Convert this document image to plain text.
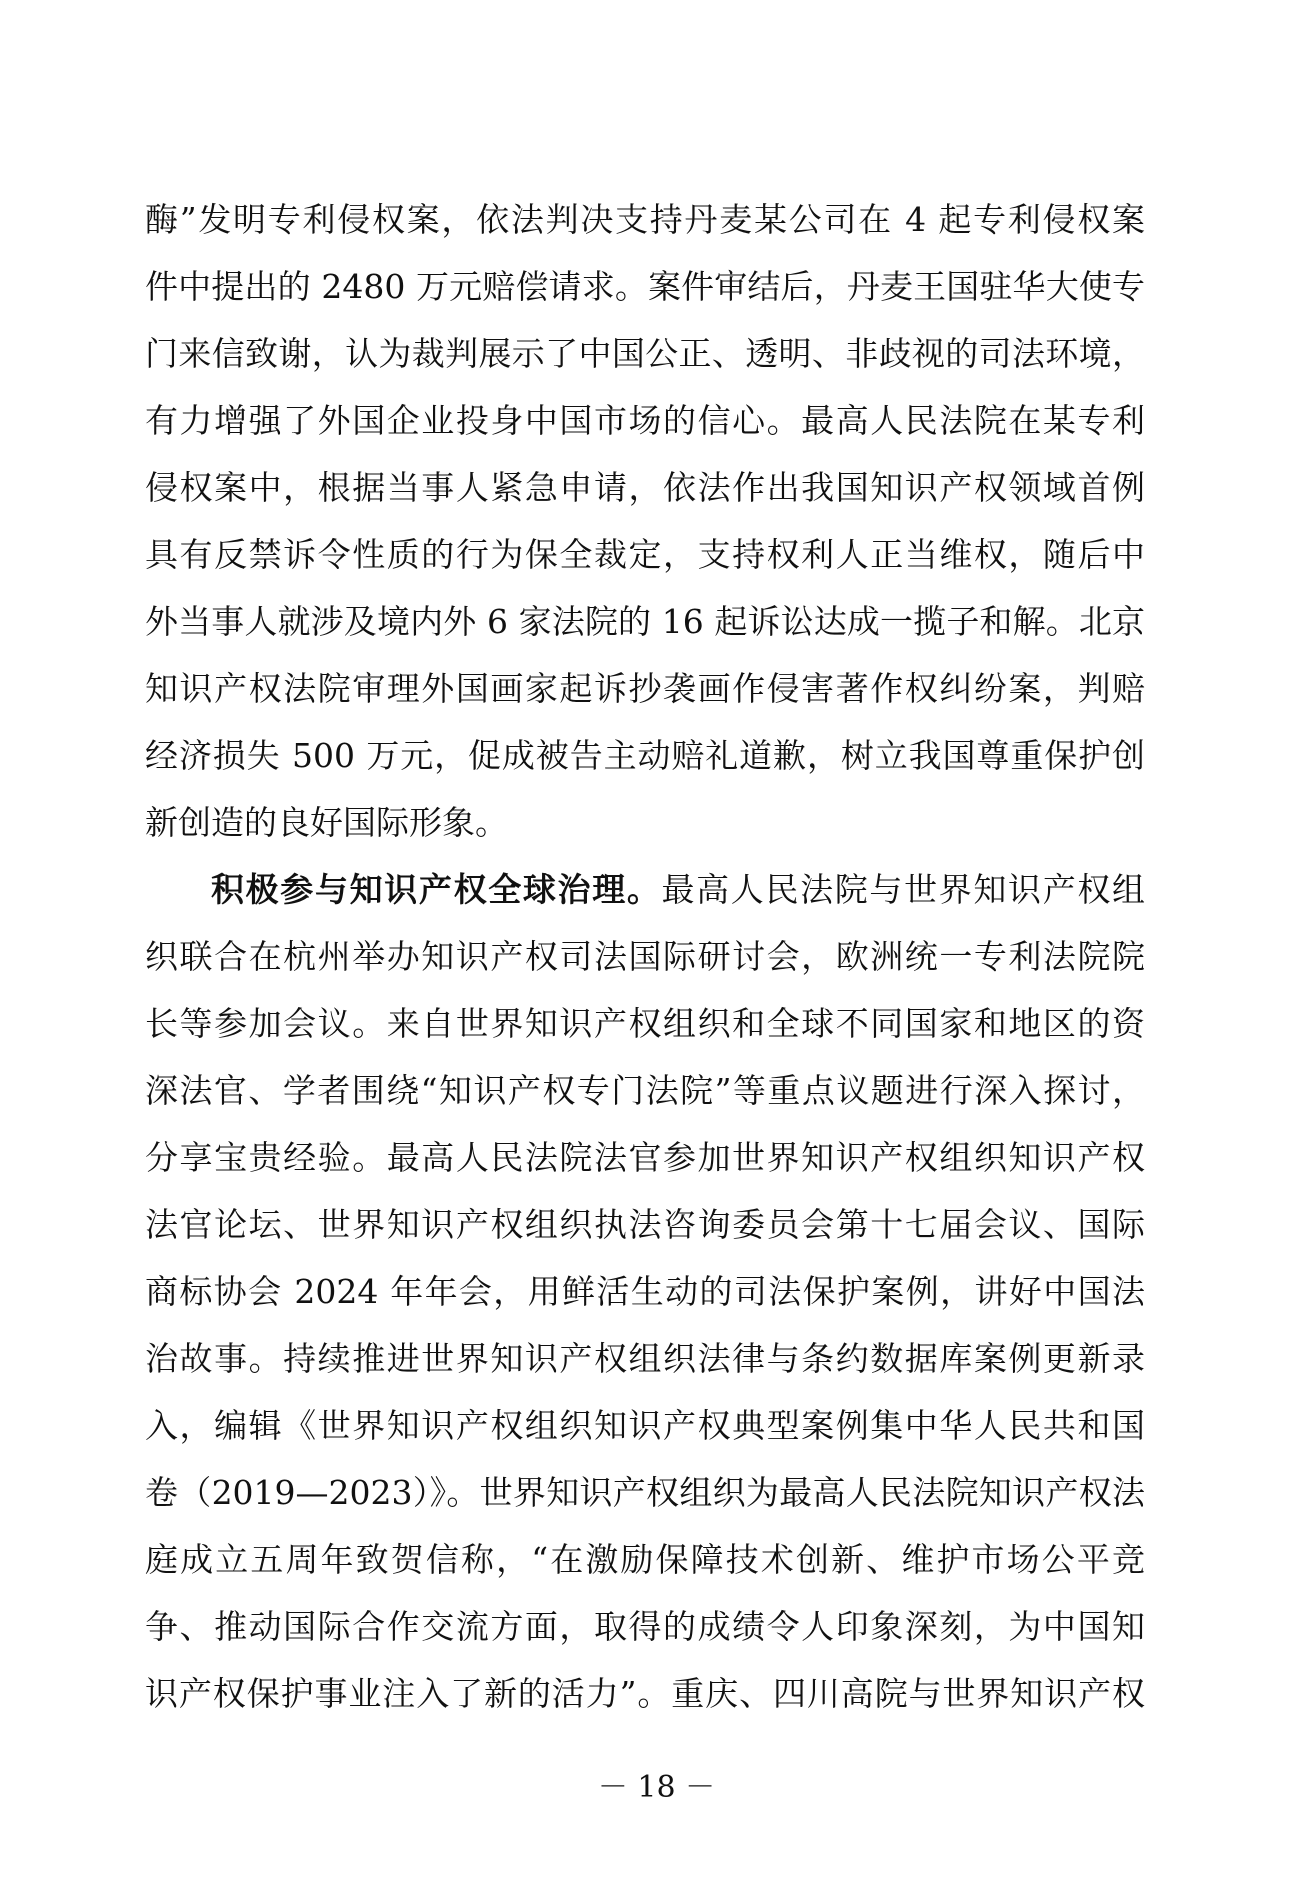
酶”发明专利侵权案，依法判决支持丹麦某公司在 4 起专利侵权案
件中提出的 2480 万元赔偿请求。案件审结后，丹麦王国驻华大使专
门来信致谢，认为裁判展示了中国公正、透明、非歧视的司法环境，
有力增强了外国企业投身中国市场的信心。最高人民法院在某专利
侵权案中，根据当事人紧急申请，依法作出我国知识产权领域首例
具有反禁诉令性质的行为保全裁定，支持权利人正当维权，随后中
外当事人就涉及境内外 6 家法院的 16 起诉讼达成一揽子和解。北京
知识产权法院审理外国画家起诉抄袭画作侵害著作权纠纷案，判赔
经济损失 500 万元，促成被告主动赔礼道歉，树立我国尊重保护创
新创造的良好国际形象。
积极参与知识产权全球治理。最高人民法院与世界知识产权组
织联合在杭州举办知识产权司法国际研讨会，欧洲统一专利法院院
长等参加会议。来自世界知识产权组织和全球不同国家和地区的资
深法官、学者围绕“知识产权专门法院”等重点议题进行深入探讨，
分享宝贵经验。最高人民法院法官参加世界知识产权组织知识产权
法官论坛、世界知识产权组织执法咨询委员会第十七届会议、国际
商标协会 2024 年年会，用鲜活生动的司法保护案例，讲好中国法
治故事。持续推进世界知识产权组织法律与条约数据库案例更新录
入，编辑《世界知识产权组织知识产权典型案例集中华人民共和国
卷（2019—2023）》。世界知识产权组织为最高人民法院知识产权法
庭成立五周年致贺信称，“在激励保障技术创新、维护市场公平竞
争、推动国际合作交流方面，取得的成绩令人印象深刻，为中国知
识产权保护事业注入了新的活力”。重庆、四川高院与世界知识产权
－ 18 －
